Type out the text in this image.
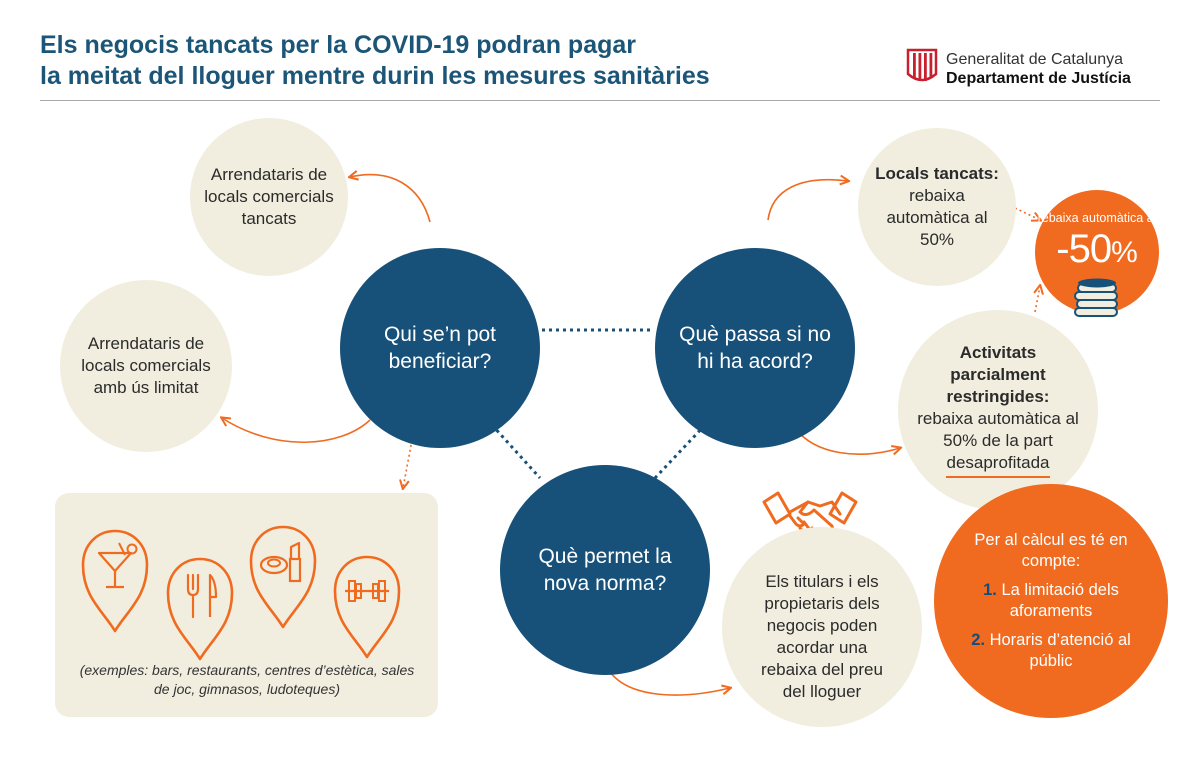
Els negocis tancats per la COVID-19 podran pagar
la meitat del lloguer mentre durin les mesures sanitàries
Generalitat de Catalunya
Departament de Justícia
Arrendataris de locals comercials tancats
Arrendataris de locals comercials amb ús limitat
Qui se’n pot beneficiar?
Què passa si no hi ha acord?
Què permet la nova norma?
Locals tancats:
rebaixa automàtica al 50%
rebaixa automàtica al
-50%
Activitats parcialment restringides:
rebaixa automàtica al 50% de la part
desaprofitada
Per al càlcul es té en compte:
1. La limitació dels aforaments
2. Horaris d’atenció al públic
Els titulars i els propietaris dels negocis poden acordar una rebaixa del preu del lloguer

(exemples: bars, restaurants, centres d’estètica, sales de joc, gimnasos, ludoteques)
